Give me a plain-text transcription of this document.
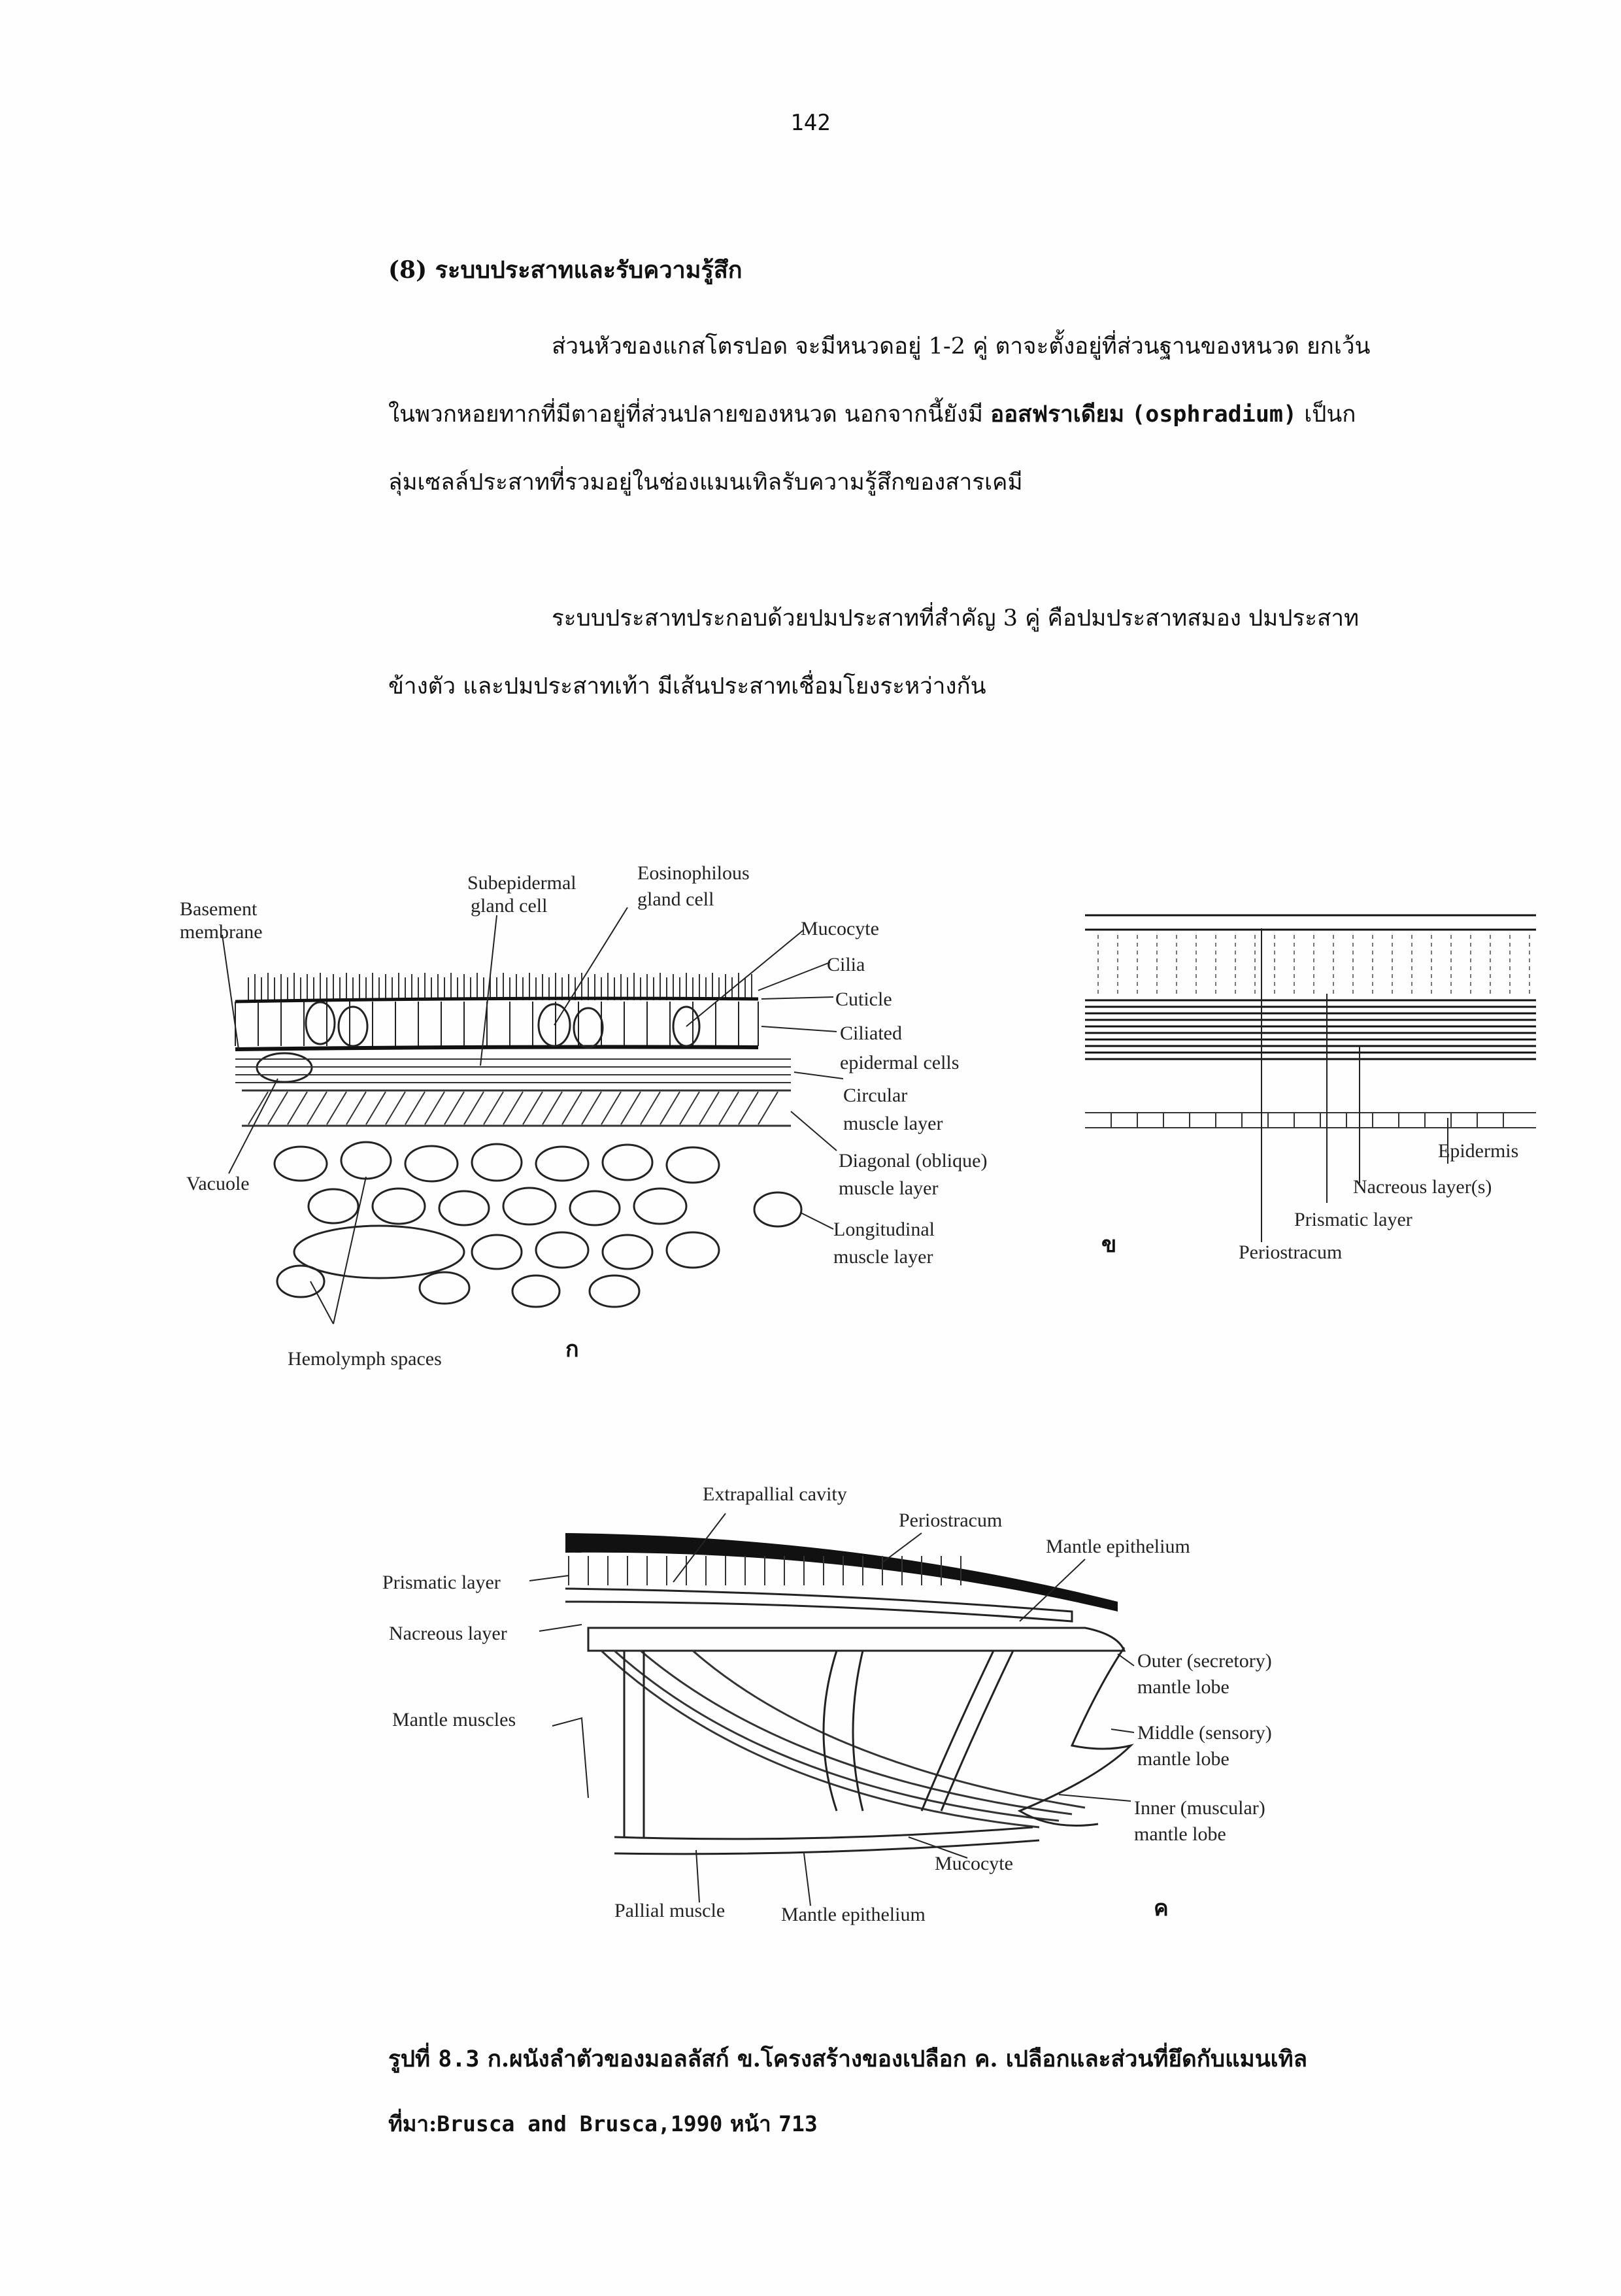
142
(8) ระบบประสาทและรับความรู้สึก
ส่วนหัวของแกสโตรปอด จะมีหนวดอยู่ 1-2 คู่ ตาจะตั้งอยู่ที่ส่วนฐานของหนวด ยกเว้นในพวกหอยทากที่มีตาอยู่ที่ส่วนปลายของหนวด นอกจากนี้ยังมี ออสฟราเดียม (osphradium) เป็นกลุ่มเซลล์ประสาทที่รวมอยู่ในช่องแมนเทิลรับความรู้สึกของสารเคมี
ระบบประสาทประกอบด้วยปมประสาทที่สำคัญ 3 คู่ คือปมประสาทสมอง ปมประสาทข้างตัว และปมประสาทเท้า มีเส้นประสาทเชื่อมโยงระหว่างกัน
Basement
membrane
Subepidermal
gland cell
Eosinophilous
gland cell
Mucocyte
Cilia
Cuticle
Ciliated
epidermal cells
Circular
muscle layer
Diagonal (oblique)
muscle layer
Longitudinal
muscle layer
Vacuole
Hemolymph spaces	ก
Epidermis
Nacreous layer(s)
Prismatic layer
Periostracum
ข
Extrapallial cavity
Periostracum
Mantle epithelium
Prismatic layer
Nacreous layer
Mantle muscles
Outer (secretory)
mantle lobe
Middle (sensory)
mantle lobe
Inner (muscular)
mantle lobe
Mucocyte
Pallial muscle	Mantle epithelium	ค
รูปที่ 8.3 ก.ผนังลำตัวของมอลลัสก์ ข.โครงสร้างของเปลือก ค. เปลือกและส่วนที่ยึดกับแมนเทิล
ที่มา:Brusca and Brusca,1990 หน้า 713
